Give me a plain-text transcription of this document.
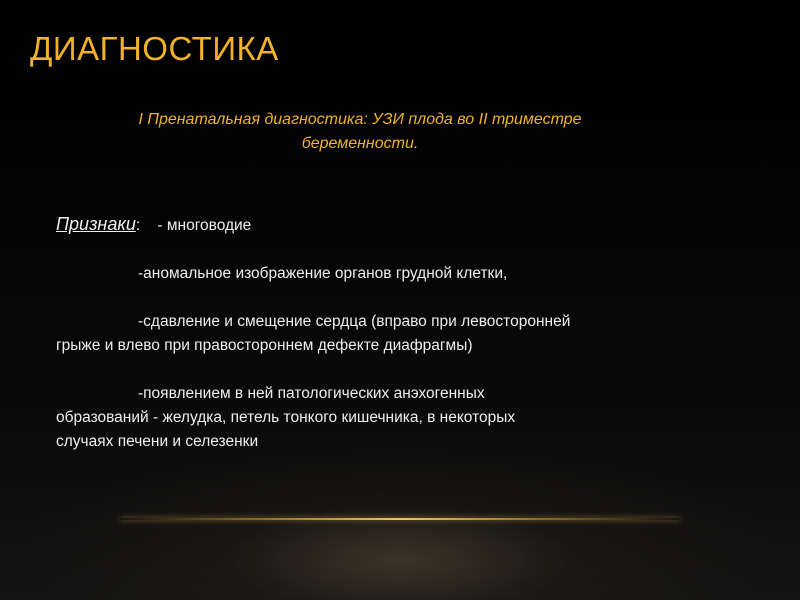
ДИАГНОСТИКА
I Пренатальная диагностика: УЗИ плода во II триместре
беременности.
Признаки: - многоводие
-аномальное изображение органов грудной клетки,
-сдавление и смещение сердца (вправо при левосторонней
грыже и влево при правостороннем дефекте диафрагмы)
-появлением в ней патологических анэхогенных
образований - желудка, петель тонкого кишечника, в некоторых
случаях печени и селезенки
